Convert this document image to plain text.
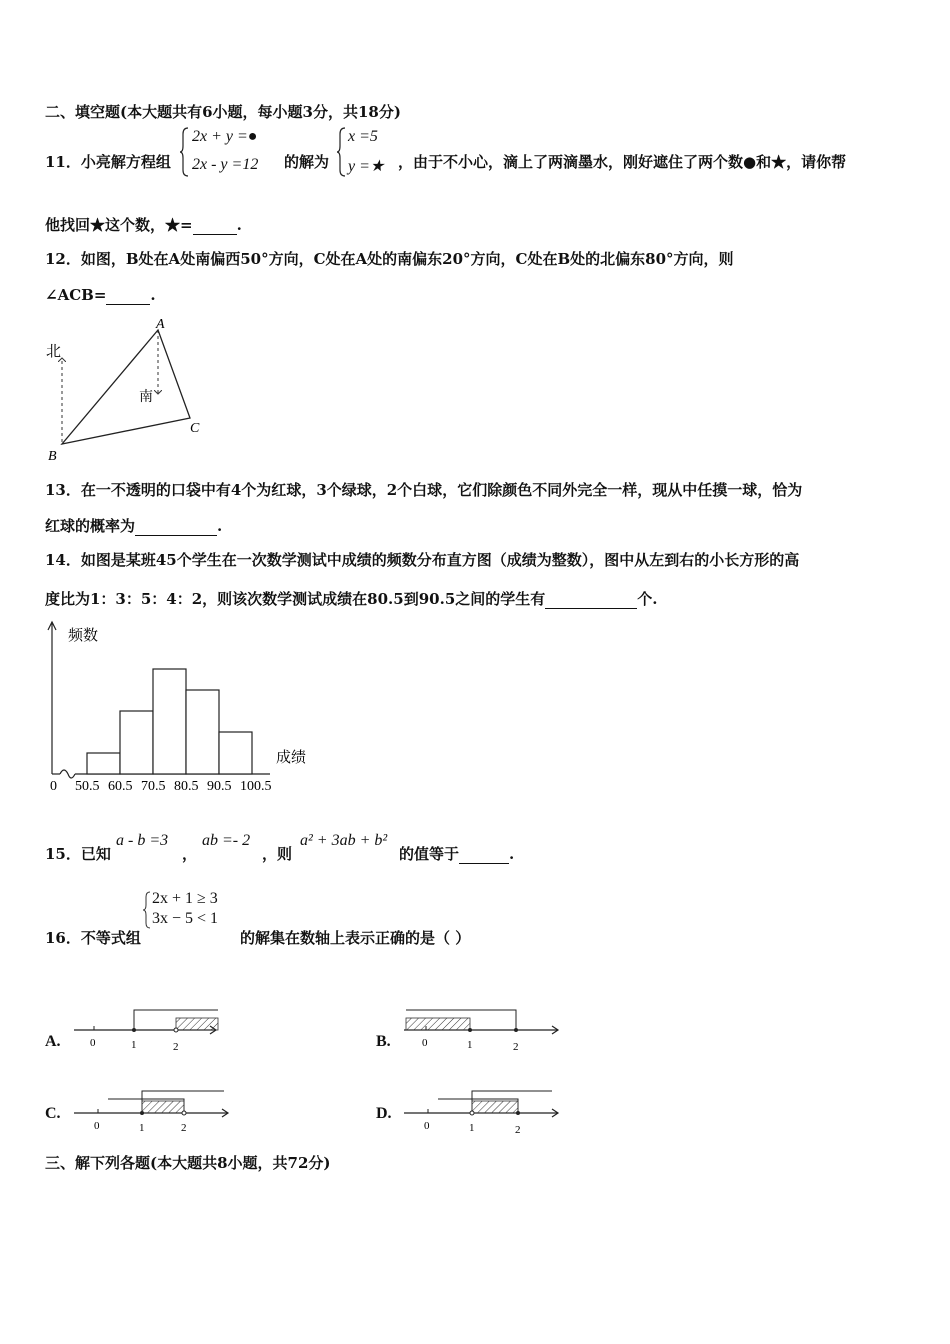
二、填空题(本大题共有6小题，每小题3分，共18分)
11．小亮解方程组
2x + y =●
2x - y =12 的解为
x =5
y =★ ，由于不小心，滴上了两滴墨水，刚好遮住了两个数●和★，请你帮
他找回★这个数，★=	.
12．如图，B处在A处南偏西50°方向，C处在A处的南偏东20°方向，C处在B处的北偏东80°方向，则
∠ACB=	.
北
南
A
B
C
13．在一不透明的口袋中有4个为红球，3个绿球，2个白球，它们除颜色不同外完全一样，现从中任摸一球，恰为
红球的概率为	.
14．如图是某班45个学生在一次数学测试中成绩的频数分布直方图（成绩为整数），图中从左到右的小长方形的高
度比为1：3：5：4：2，则该次数学测试成绩在80.5到90.5之间的学生有	个.
频数
成绩
0 50.5 60.5 70.5 80.5 90.5 100.5
15．已知
a - b =3
，
ab =- 2
，则
a² + 3ab + b²
的值等于	.
16．不等式组
2x + 1 ≥ 3
3x − 5 < 1
的解集在数轴上表示正确的是（ ）
A.	0	1	2	B.	0	1	2
C.
0	1	2
D.
0	1	2
三、解下列各题(本大题共8小题，共72分)
